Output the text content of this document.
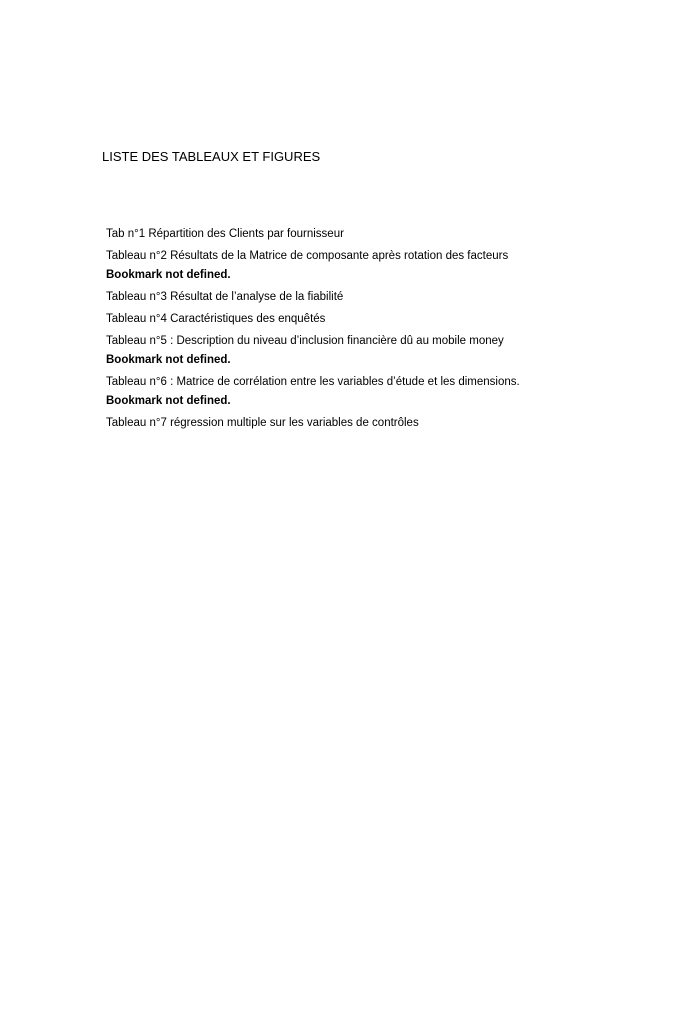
LISTE DES TABLEAUX ET FIGURES
Tab n°1 Répartition des Clients par fournisseur
Tableau n°2 Résultats de la Matrice de composante après rotation des facteurs
Bookmark not defined.
Tableau n°3 Résultat de l’analyse de la fiabilité
Tableau n°4 Caractéristiques des enquêtés
Tableau n°5 : Description du niveau d’inclusion financière dû au mobile money
Bookmark not defined.
Tableau n°6 : Matrice de corrélation entre les variables d’étude et les dimensions.
Bookmark not defined.
Tableau n°7 régression multiple sur les variables de contrôles
